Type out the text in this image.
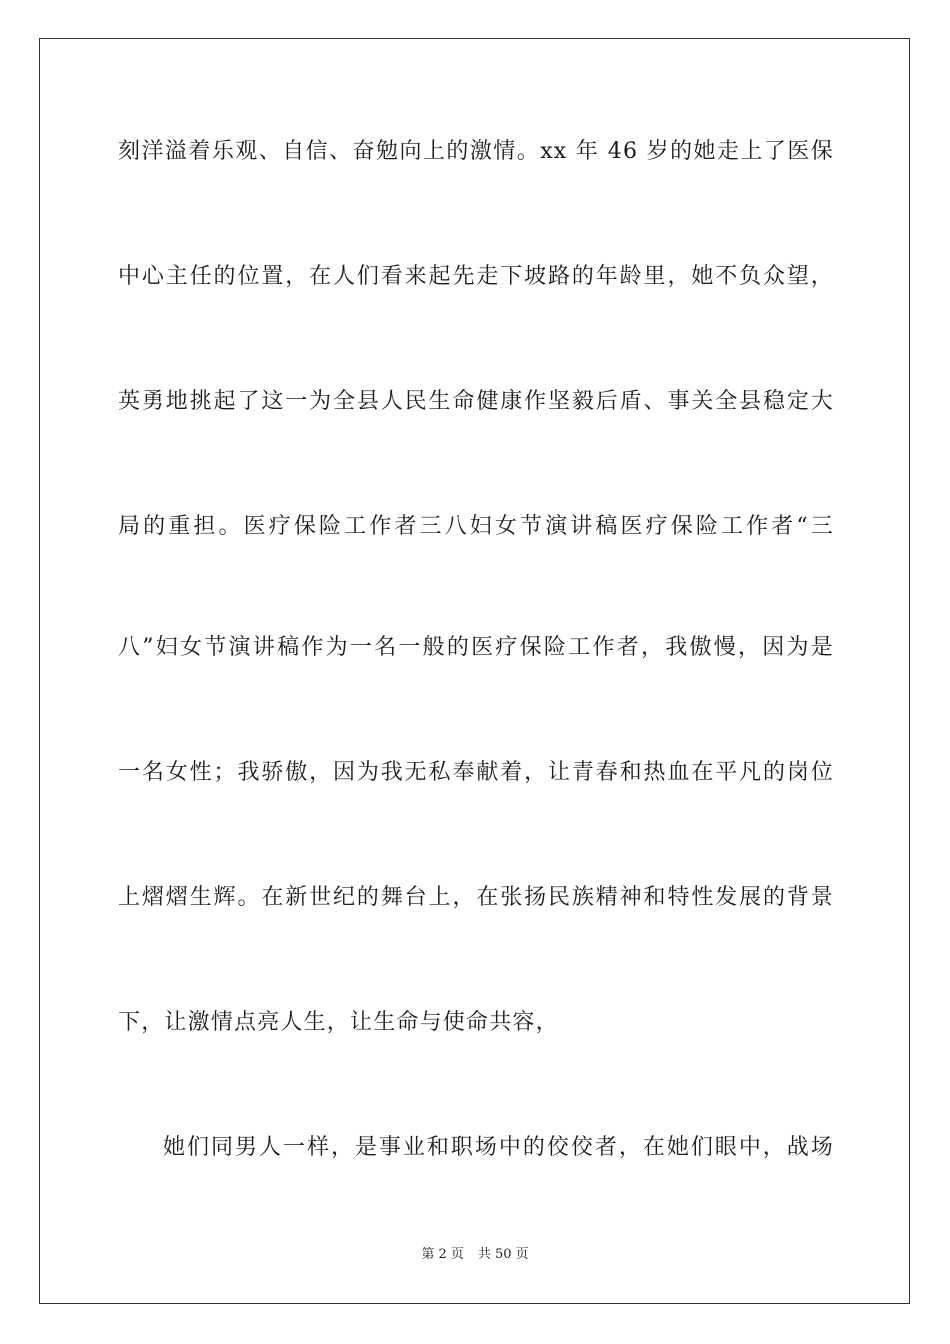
刻洋溢着乐观、自信、奋勉向上的激情。xx 年 46 岁的她走上了医保
中心主任的位置，在人们看来起先走下坡路的年龄里，她不负众望，
英勇地挑起了这一为全县人民生命健康作坚毅后盾、事关全县稳定大
局的重担。医疗保险工作者三八妇女节演讲稿医疗保险工作者“三
八”妇女节演讲稿作为一名一般的医疗保险工作者，我傲慢，因为是
一名女性；我骄傲，因为我无私奉献着，让青春和热血在平凡的岗位
上熠熠生辉。在新世纪的舞台上，在张扬民族精神和特性发展的背景
下，让激情点亮人生，让生命与使命共容，
她们同男人一样，是事业和职场中的佼佼者，在她们眼中，战场
第 2 页 共 50 页
